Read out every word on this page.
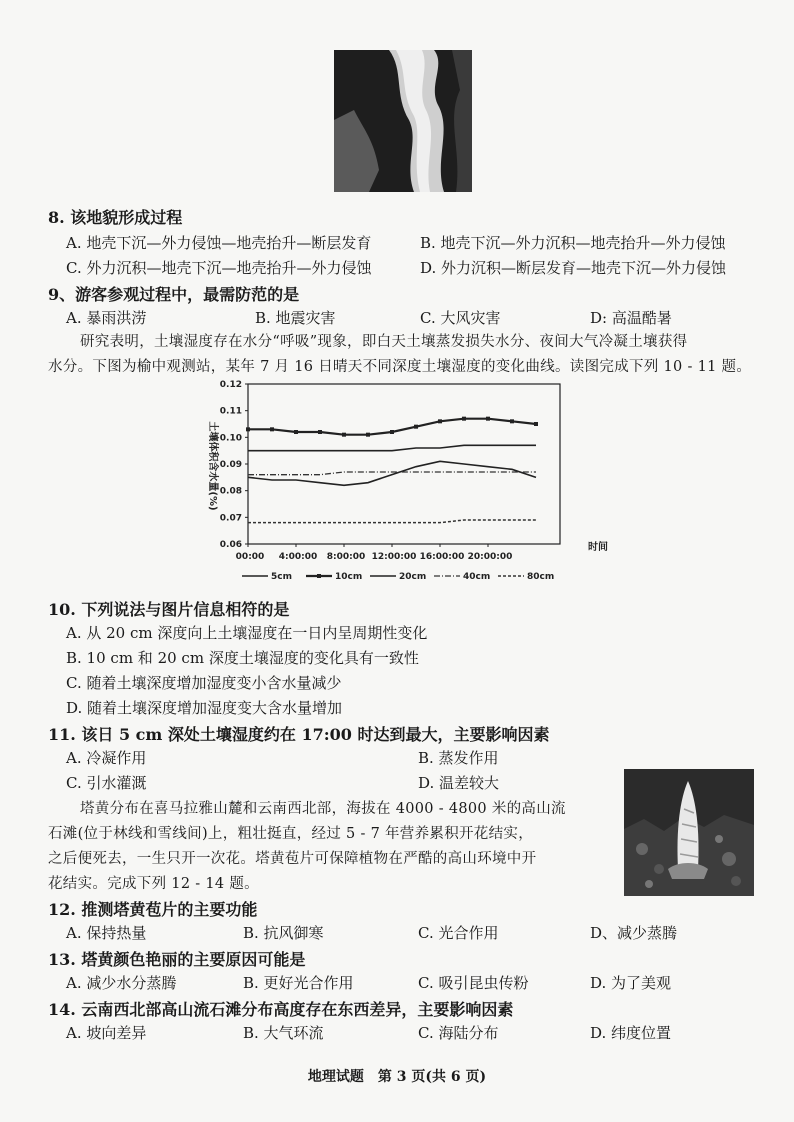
8. 该地貌形成过程
A. 地壳下沉—外力侵蚀—地壳抬升—断层发育	B. 地壳下沉—外力沉积—地壳抬升—外力侵蚀
C. 外力沉积—地壳下沉—地壳抬升—外力侵蚀	D. 外力沉积—断层发育—地壳下沉—外力侵蚀
9、游客参观过程中，最需防范的是
A. 暴雨洪涝	B. 地震灾害	C. 大风灾害	D: 高温酷暑
研究表明，土壤湿度存在水分“呼吸”现象，即白天土壤蒸发损失水分、夜间大气冷凝土壤获得
水分。下图为榆中观测站，某年 7 月 16 日晴天不同深度土壤湿度的变化曲线。读图完成下列 10 - 11 题。
0.12
0.11
0.10
0.09
0.08
0.07
0.06
00:00 4:00:00 8:00:00 12:00:00 16:00:00 20:00:00
土壤体积含水量(%)
时间
5cm	10cm	20cm	40cm	80cm
10. 下列说法与图片信息相符的是
A. 从 20 cm 深度向上土壤湿度在一日内呈周期性变化
B. 10 cm 和 20 cm 深度土壤湿度的变化具有一致性
C. 随着土壤深度增加湿度变小含水量减少
D. 随着土壤深度增加湿度变大含水量增加
11. 该日 5 cm 深处土壤湿度约在 17:00 时达到最大，主要影响因素
A. 冷凝作用	B. 蒸发作用
C. 引水灌溉	D. 温差较大
塔黄分布在喜马拉雅山麓和云南西北部，海拔在 4000 - 4800 米的高山流
石滩(位于林线和雪线间)上，粗壮挺直，经过 5 - 7 年营养累积开花结实，
之后便死去，一生只开一次花。塔黄苞片可保障植物在严酷的高山环境中开
花结实。完成下列 12 - 14 题。
12. 推测塔黄苞片的主要功能
A. 保持热量	B. 抗风御寒	C. 光合作用	D、减少蒸腾
13. 塔黄颜色艳丽的主要原因可能是
A. 减少水分蒸腾	B. 更好光合作用	C. 吸引昆虫传粉	D. 为了美观
14. 云南西北部高山流石滩分布高度存在东西差异，主要影响因素
A. 坡向差异	B. 大气环流	C. 海陆分布	D. 纬度位置
地理试题　第 3 页(共 6 页)
